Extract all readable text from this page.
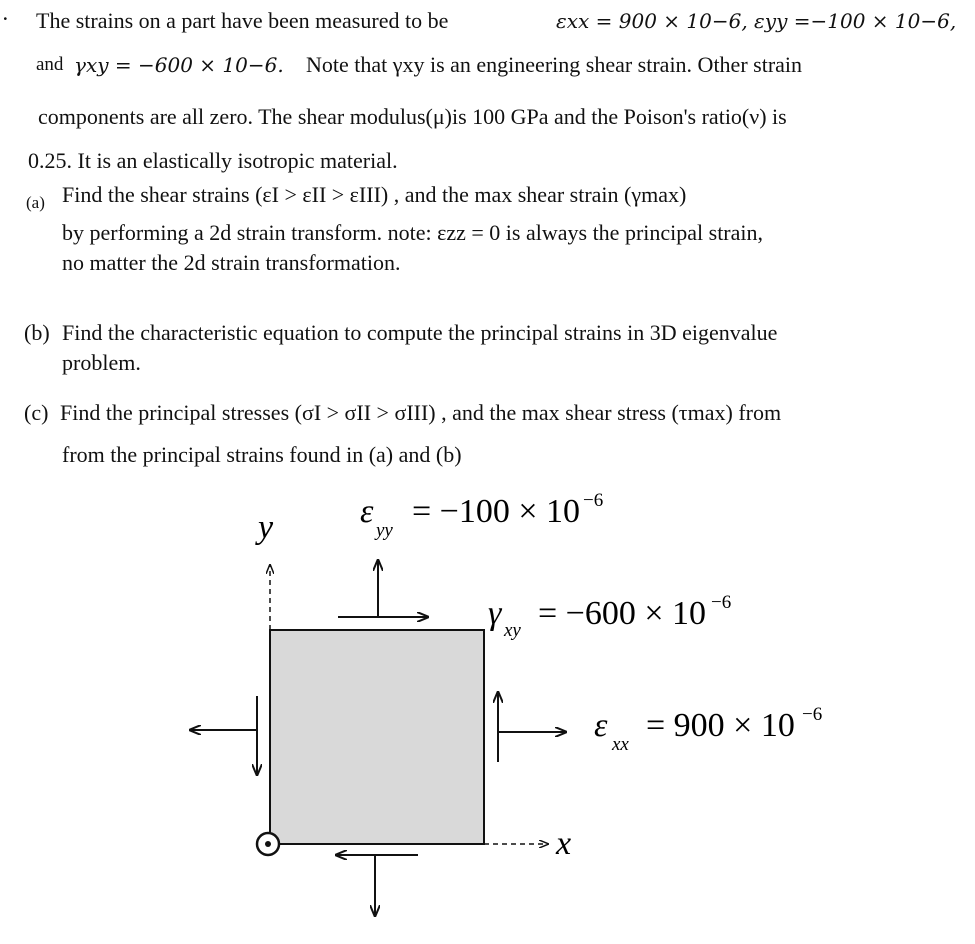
· The strains on a part have been measured to be	εxx = 900 × 10−6, εyy =−100 × 10−6,
and γxy = −600 × 10−6. Note that γxy is an engineering shear strain. Other strain
components are all zero. The shear modulus(μ)is 100 GPa and the Poison's ratio(ν) is
0.25. It is an elastically isotropic material.
(a) Find the shear strains (εI > εII > εIII) , and the max shear strain (γmax)
by performing a 2d strain transform. note: εzz = 0 is always the principal strain,
no matter the 2d strain transformation.
(b) Find the characteristic equation to compute the principal strains in 3D eigenvalue
problem.
(c) Find the principal stresses (σI > σII > σIII) , and the max shear stress (τmax) from
from the principal strains found in (a) and (b)
y
x
ε
yy
= −100 × 10 −6
γ xy = −600 × 10 −6
ε
xx
= 900 × 10 −6
